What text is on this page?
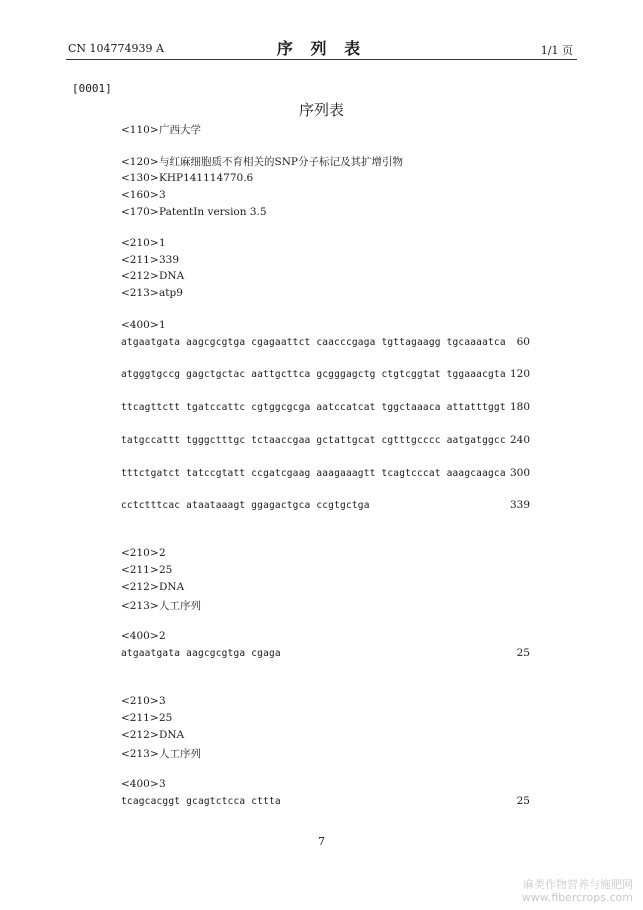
CN 104774939 A	序 列 表	1/1 页
[0001]
序列表
<110>广西大学
<120>与红麻细胞质不育相关的SNP分子标记及其扩增引物
<130>KHP141114770.6
<160>3
<170>PatentIn version 3.5
<210>1
<211>339
<212>DNA
<213>atp9
<400>1
atgaatgata aagcgcgtga cgagaattct caacccgaga tgttagaagg tgcaaaatca 60
atgggtgccg gagctgctac aattgcttca gcgggagctg ctgtcggtat tggaaacgta 120
ttcagttctt tgatccattc cgtggcgcga aatccatcat tggctaaaca attatttggt 180
tatgccattt tgggctttgc tctaaccgaa gctattgcat cgtttgcccc aatgatggcc 240
tttctgatct tatccgtatt ccgatcgaag aaagaaagtt tcagtcccat aaagcaagca 300
cctctttcac ataataaagt ggagactgca ccgtgctga	339
<210>2
<211>25
<212>DNA
<213>人工序列
<400>2
atgaatgata aagcgcgtga cgaga	25
<210>3
<211>25
<212>DNA
<213>人工序列
<400>3
tcagcacggt gcagtctcca cttta	25
7
麻类作物营养与施肥网
www.fibercrops.com
